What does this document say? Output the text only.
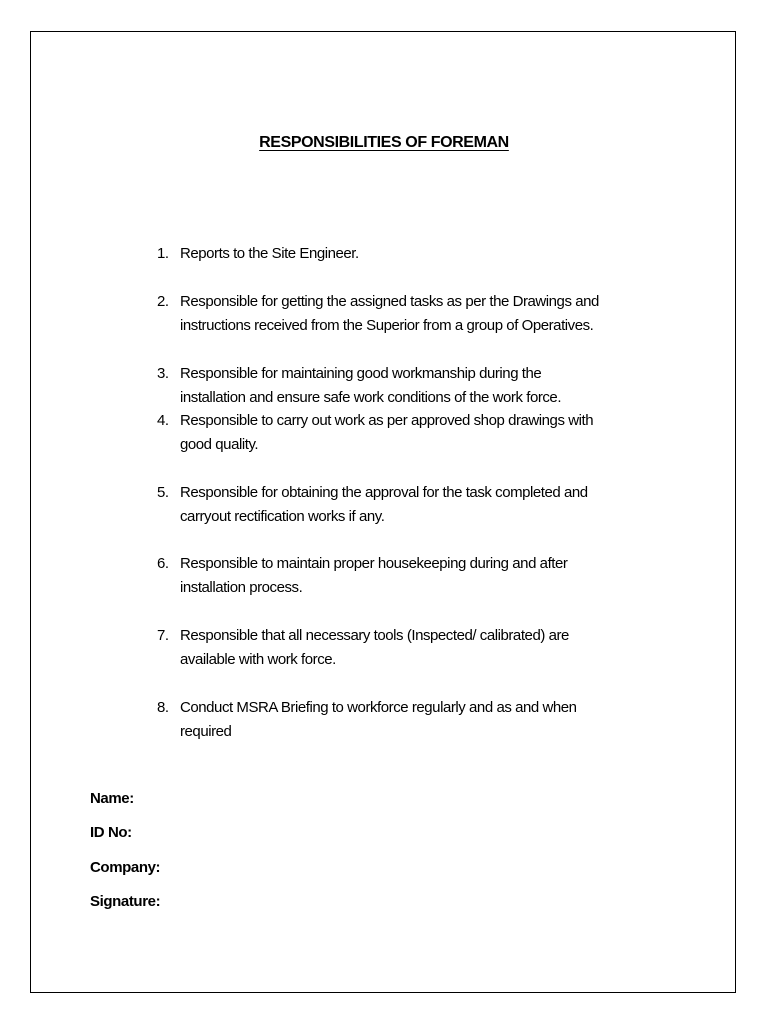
RESPONSIBILITIES OF FOREMAN
1. Reports to the Site Engineer.
2. Responsible for getting the assigned tasks as per the Drawings and
instructions received from the Superior from a group of Operatives.
3. Responsible for maintaining good workmanship during the
installation and ensure safe work conditions of the work force.
4. Responsible to carry out work as per approved shop drawings with
good quality.
5. Responsible for obtaining the approval for the task completed and
carryout rectification works if any.
6. Responsible to maintain proper housekeeping during and after
installation process.
7. Responsible that all necessary tools (Inspected/ calibrated) are
available with work force.
8. Conduct MSRA Briefing to workforce regularly and as and when
required
Name:
ID No:
Company:
Signature:
